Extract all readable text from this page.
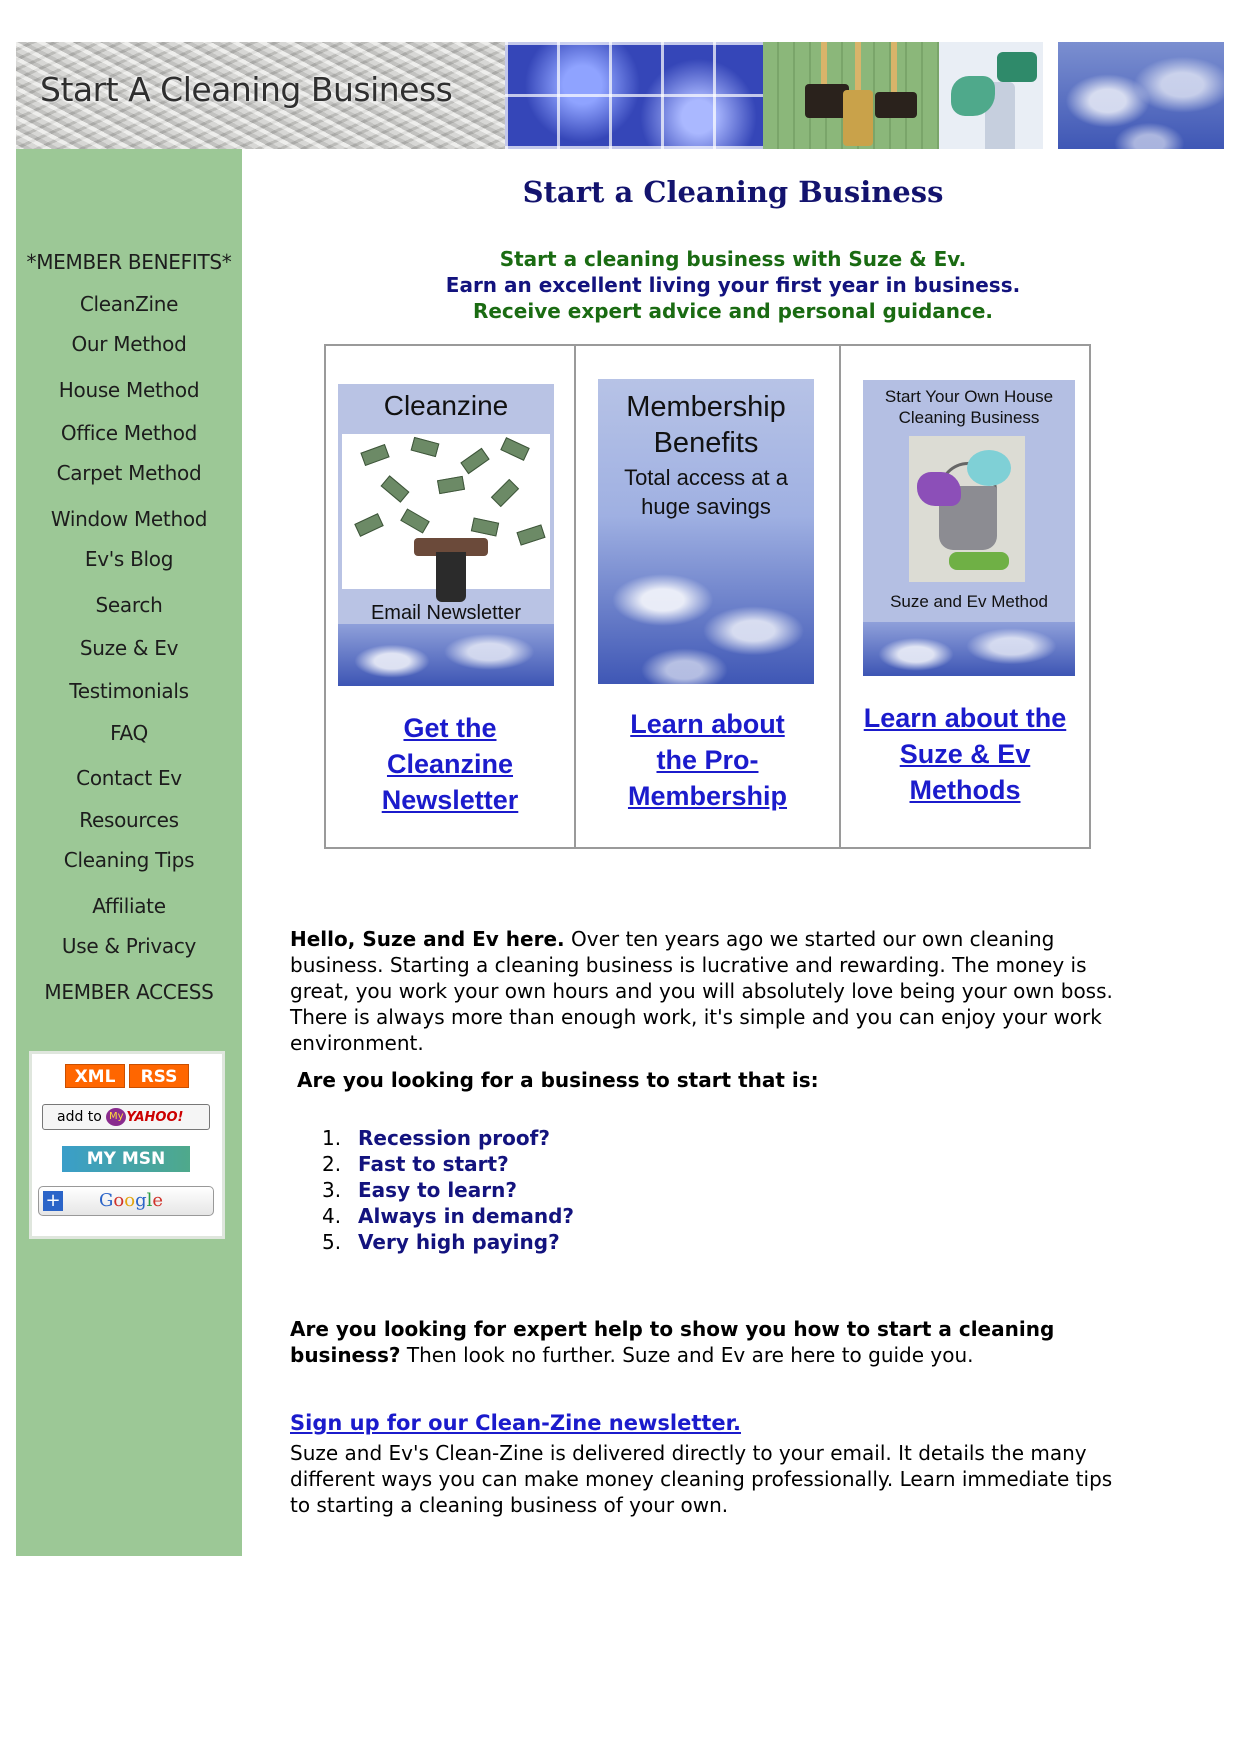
Start A Cleaning Business
*MEMBER BENEFITS*
CleanZine
Our Method
House Method
Office Method
Carpet Method
Window Method
Ev's Blog
Search
Suze & Ev
Testimonials
FAQ
Contact Ev
Resources
Cleaning Tips
Affiliate
Use & Privacy
MEMBER ACCESS
XML	RSS
add to My YAHOO!
MY MSN
+ Google
Start a Cleaning Business
Start a cleaning business with Suze & Ev.
Earn an excellent living your first year in business.
Receive expert advice and personal guidance.
Cleanzine
Email Newsletter
Get the
Cleanzine
Newsletter
Membership
Benefits
Total access at a
huge savings
Learn about
the Pro-
Membership
Start Your Own House
Cleaning Business
Suze and Ev Method
Learn about the
Suze & Ev
Methods

Hello, Suze and Ev here. Over ten years ago we started our own cleaning business. Starting a cleaning business is lucrative and rewarding. The money is great, you work your own hours and you will absolutely love being your own boss. There is always more than enough work, it's simple and you can enjoy your work environment.

Are you looking for a business to start that is:
1. Recession proof?
2. Fast to start?
3. Easy to learn?
4. Always in demand?
5. Very high paying?

Are you looking for expert help to show you how to start a cleaning business? Then look no further. Suze and Ev are here to guide you.

Sign up for our Clean-Zine newsletter.

Suze and Ev's Clean-Zine is delivered directly to your email. It details the many different ways you can make money cleaning professionally. Learn immediate tips to starting a cleaning business of your own.
